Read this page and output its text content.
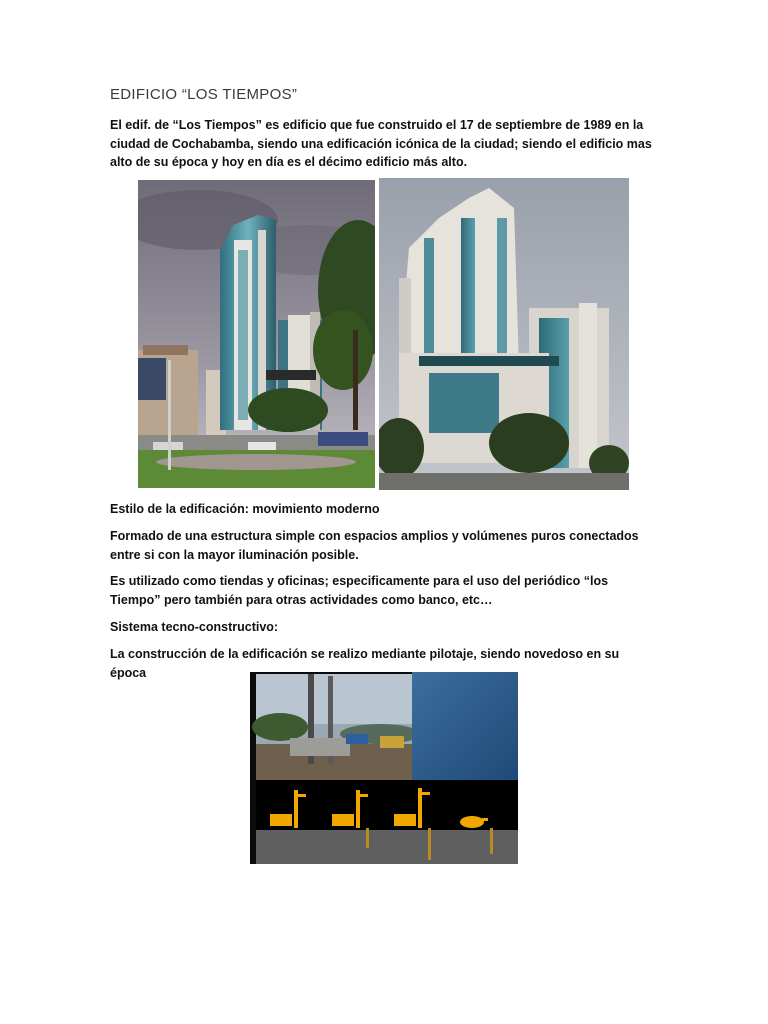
EDIFICIO “LOS TIEMPOS”
El edif. de “Los Tiempos” es edificio que fue construido el 17 de septiembre de 1989 en la ciudad de Cochabamba, siendo una edificación icónica de la ciudad; siendo el edificio mas alto de su época y hoy en día es el décimo edificio más alto.
Estilo de la edificación: movimiento moderno
Formado de una estructura simple con espacios amplios y volúmenes puros conectados entre si con la mayor iluminación posible.
Es utilizado como tiendas y oficinas; especificamente para el uso del periódico “los Tiempo” pero también para otras actividades como banco, etc…
Sistema tecno-constructivo:
La construcción de la edificación se realizo mediante pilotaje, siendo novedoso en su época
